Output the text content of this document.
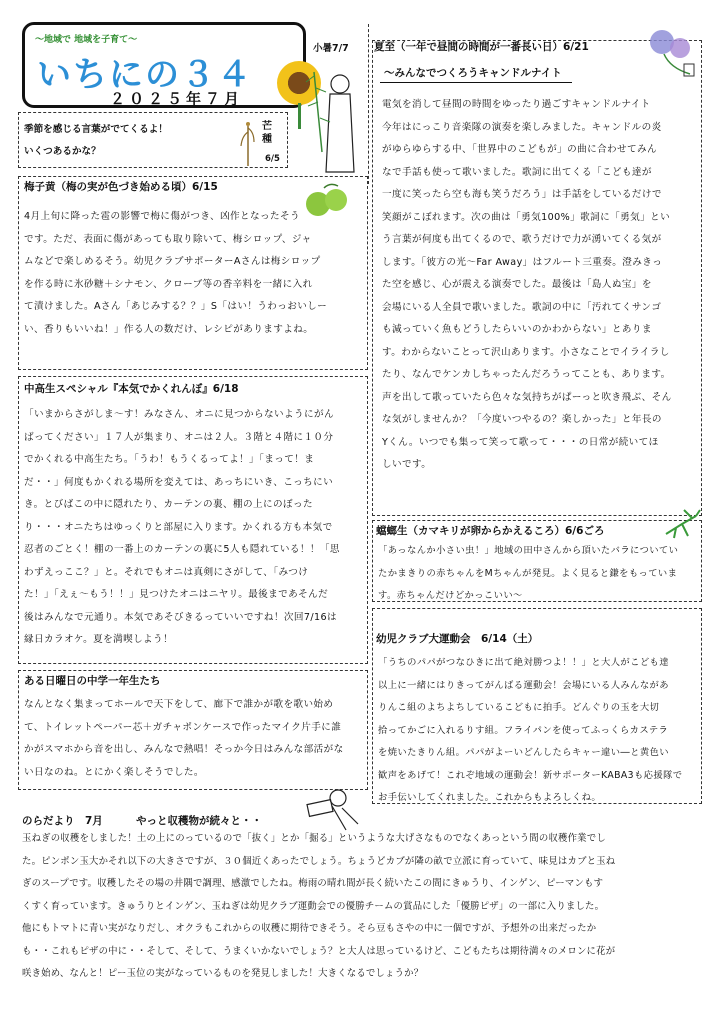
〜地域で 地域を子育て〜
いちにの３４
２０２５年７月
季節を感じる言葉がでてくるよ！
いくつあるかな？
芒種
6/5
小暑7/7 夏至（一年で昼間の時間が一番長い日）6/21
〜みんなでつくろうキャンドルナイト

電気を消して昼間の時間をゆったり過ごすキャンドルナイト

今年はにっこり音楽隊の演奏を楽しみました。キャンドルの炎

がゆらゆらする中、「世界中のこどもが」の曲に合わせてみん

なで手話も使って歌いました。歌詞に出てくる「こども達が

一度に笑ったら空も海も笑うだろう」は手話をしているだけで

笑顔がこぼれます。次の曲は「勇気100%」歌詞に「勇気」とい

う言葉が何度も出てくるので、歌うだけで力が湧いてくる気が

します。「彼方の光〜Far Away」はフルート三重奏。澄みきっ

た空を感じ、心が震える演奏でした。最後は「島人ぬ宝」を

会場にいる人全員で歌いました。歌詞の中に「汚れてくサンゴ

も減っていく魚もどうしたらいいのかわからない」とありま

す。わからないことって沢山あります。小さなことでイライラし

たり、なんでケンカしちゃったんだろうってことも、あります。

声を出して歌っていたら色々な気持ちがぱーっと吹き飛ぶ、そん

な気がしませんか？「今度いつやるの？楽しかった」と年長の

Yくん。いつでも集って笑って歌って・・・の日常が続いてほ

しいです。

梅子黄（梅の実が色づき始める頃）6/15

4月上旬に降った雹の影響で梅に傷がつき、凶作となったそう

です。ただ、表面に傷があっても取り除いて、梅シロップ、ジャ

ムなどで楽しめるそう。幼児クラブサポーターAさんは梅シロップ

を作る時に氷砂糖＋シナモン、クローブ等の香辛料を一緒に入れ

て漬けました。Aさん「あじみする？？」S「はい！うわっおいしー

い、香りもいいね！」作る人の数だけ、レシピがありますよね。

中高生スペシャル『本気でかくれんぼ』6/18

「いまからさがしま〜す！みなさん、オニに見つからないようにがん

ばってください」１７人が集まり、オニは２人。３階と４階に１０分

でかくれる中高生たち。「うわ！もうくるってよ！」「まって！ま

だ・・」何度もかくれる場所を変えては、あっちにいき、こっちにい

き。とびばこの中に隠れたり、カーテンの裏、棚の上にのぼった

り・・・オニたちはゆっくりと部屋に入ります。かくれる方も本気で

忍者のごとく！棚の一番上のカーテンの裏に5人も隠れている！！「思

わずえっここ？」と。それでもオニは真剣にさがして、「みつけ

た！」「えぇ〜もう！！」見つけたオニはニヤリ。最後まであそんだ

後はみんなで元通り。本気であそびきるっていいですね！次回7/16は

縁日カラオケ。夏を満喫しよう！

蟷螂生（カマキリが卵からかえるころ）6/6ごろ

「あっなんか小さい虫！」地域の田中さんから頂いたバラについてい

たかまきりの赤ちゃんをMちゃんが発見。よく見ると鎌をもっていま

す。赤ちゃんだけどかっこいい〜

幼児クラブ大運動会　6/14（土）

「うちのパパがつなひきに出て絶対勝つよ！！」と大人がこども達

以上に一緒にはりきってがんばる運動会！会場にいる人みんながあ

りんこ組のよちよちしているこどもに拍手。どんぐりの玉を大切

拾ってかごに入れるりす組。フライパンを使ってふっくらカステラ

を焼いたきりん組。パパがよーいどんしたらキャー違い―と黄色い

歓声をあげて！これぞ地域の運動会！新サポーターKABA3も応援隊で

お手伝いしてくれました。これからもよろしくね。

ある日曜日の中学一年生たち

なんとなく集まってホールで天下をして、廊下で誰かが歌を歌い始め

て、トイレットペーパー芯＋ガチャポンケースで作ったマイク片手に誰

かがスマホから音を出し、みんなで熱唱！そっか今日はみんな部活がな

い日なのね。とにかく楽しそうでした。

のらだより　7月	やっと収穫物が続々と・・

玉ねぎの収穫をしました！土の上にのっているので「抜く」とか「掘る」というような大げさなものでなくあっという間の収穫作業でし

た。ピンポン玉大かそれ以下の大きさですが、３０個近くあったでしょう。ちょうどカブが隣の畝で立派に育っていて、味見はカブと玉ね

ぎのスープです。収穫したその場の井隅で調理、感激でしたね。梅雨の晴れ間が長く続いたこの間にきゅうり、インゲン、ピーマンもす

くすく育っています。きゅうりとインゲン、玉ねぎは幼児クラブ運動会での優勝チームの賞品にした「優勝ピザ」の一部に入りました。

他にもトマトに青い実がなりだし、オクラもこれからの収穫に期待できそう。そら豆もさやの中に一個ですが、予想外の出来だったか

も・・これもピザの中に・・そして、そして、うまくいかないでしょう？と大人は思っているけど、こどもたちは期待満々のメロンに花が

咲き始め、なんと！ピー玉位の実がなっているものを発見しました！大きくなるでしょうか？
